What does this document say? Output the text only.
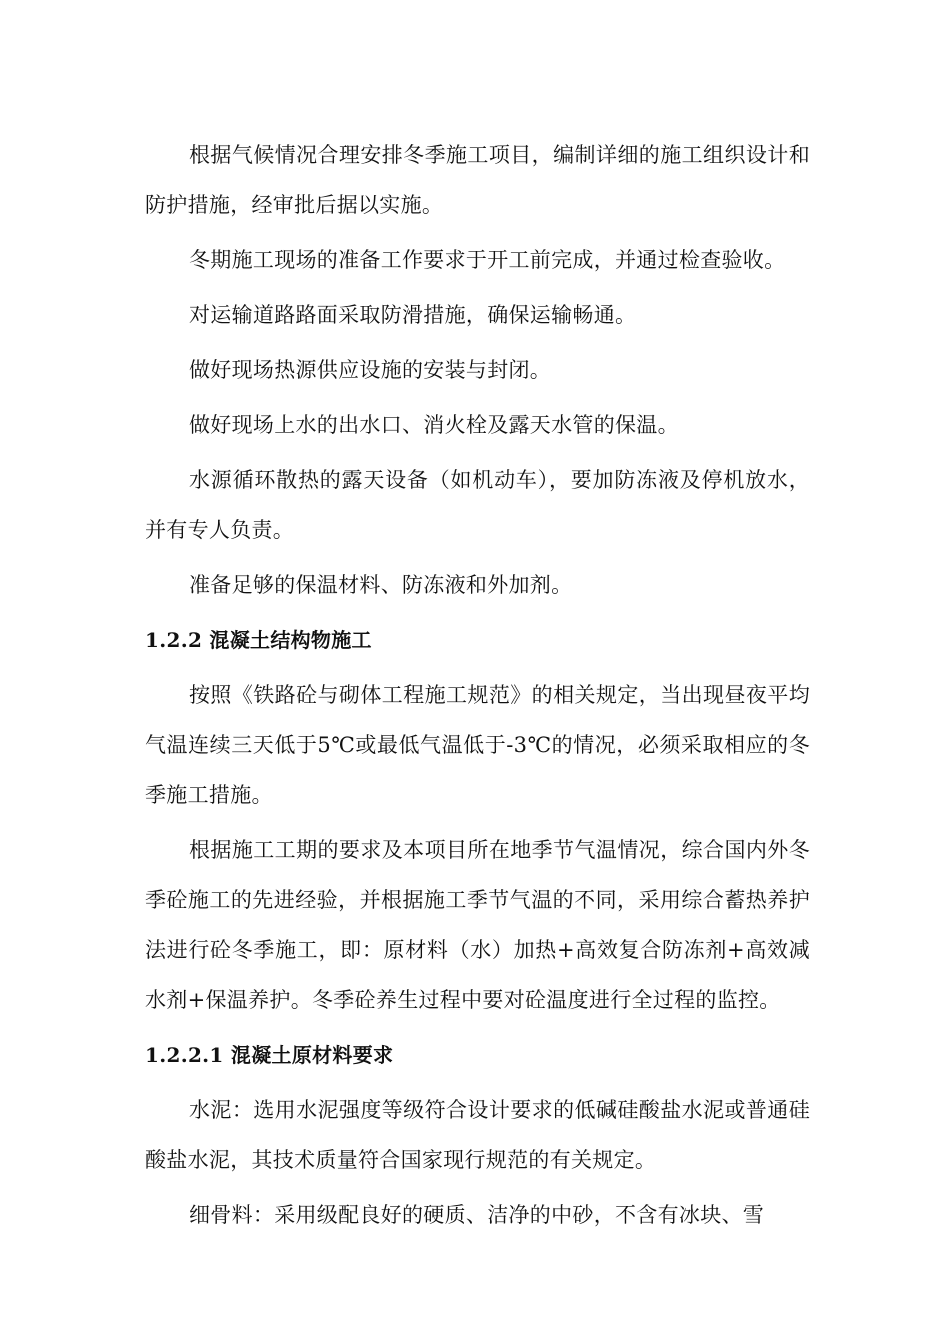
根据气候情况合理安排冬季施工项目，编制详细的施工组织设计和防护措施，经审批后据以实施。

冬期施工现场的准备工作要求于开工前完成，并通过检查验收。

对运输道路路面采取防滑措施，确保运输畅通。

做好现场热源供应设施的安装与封闭。

做好现场上水的出水口、消火栓及露天水管的保温。

水源循环散热的露天设备（如机动车），要加防冻液及停机放水，并有专人负责。

准备足够的保温材料、防冻液和外加剂。

1.2.2 混凝土结构物施工

按照《铁路砼与砌体工程施工规范》的相关规定，当出现昼夜平均气温连续三天低于5℃或最低气温低于-3℃的情况，必须采取相应的冬季施工措施。

根据施工工期的要求及本项目所在地季节气温情况，综合国内外冬季砼施工的先进经验，并根据施工季节气温的不同，采用综合蓄热养护法进行砼冬季施工，即：原材料（水）加热+高效复合防冻剂+高效减水剂+保温养护。冬季砼养生过程中要对砼温度进行全过程的监控。

1.2.2.1 混凝土原材料要求

水泥：选用水泥强度等级符合设计要求的低碱硅酸盐水泥或普通硅酸盐水泥，其技术质量符合国家现行规范的有关规定。

细骨料：采用级配良好的硬质、洁净的中砂，不含有冰块、雪
